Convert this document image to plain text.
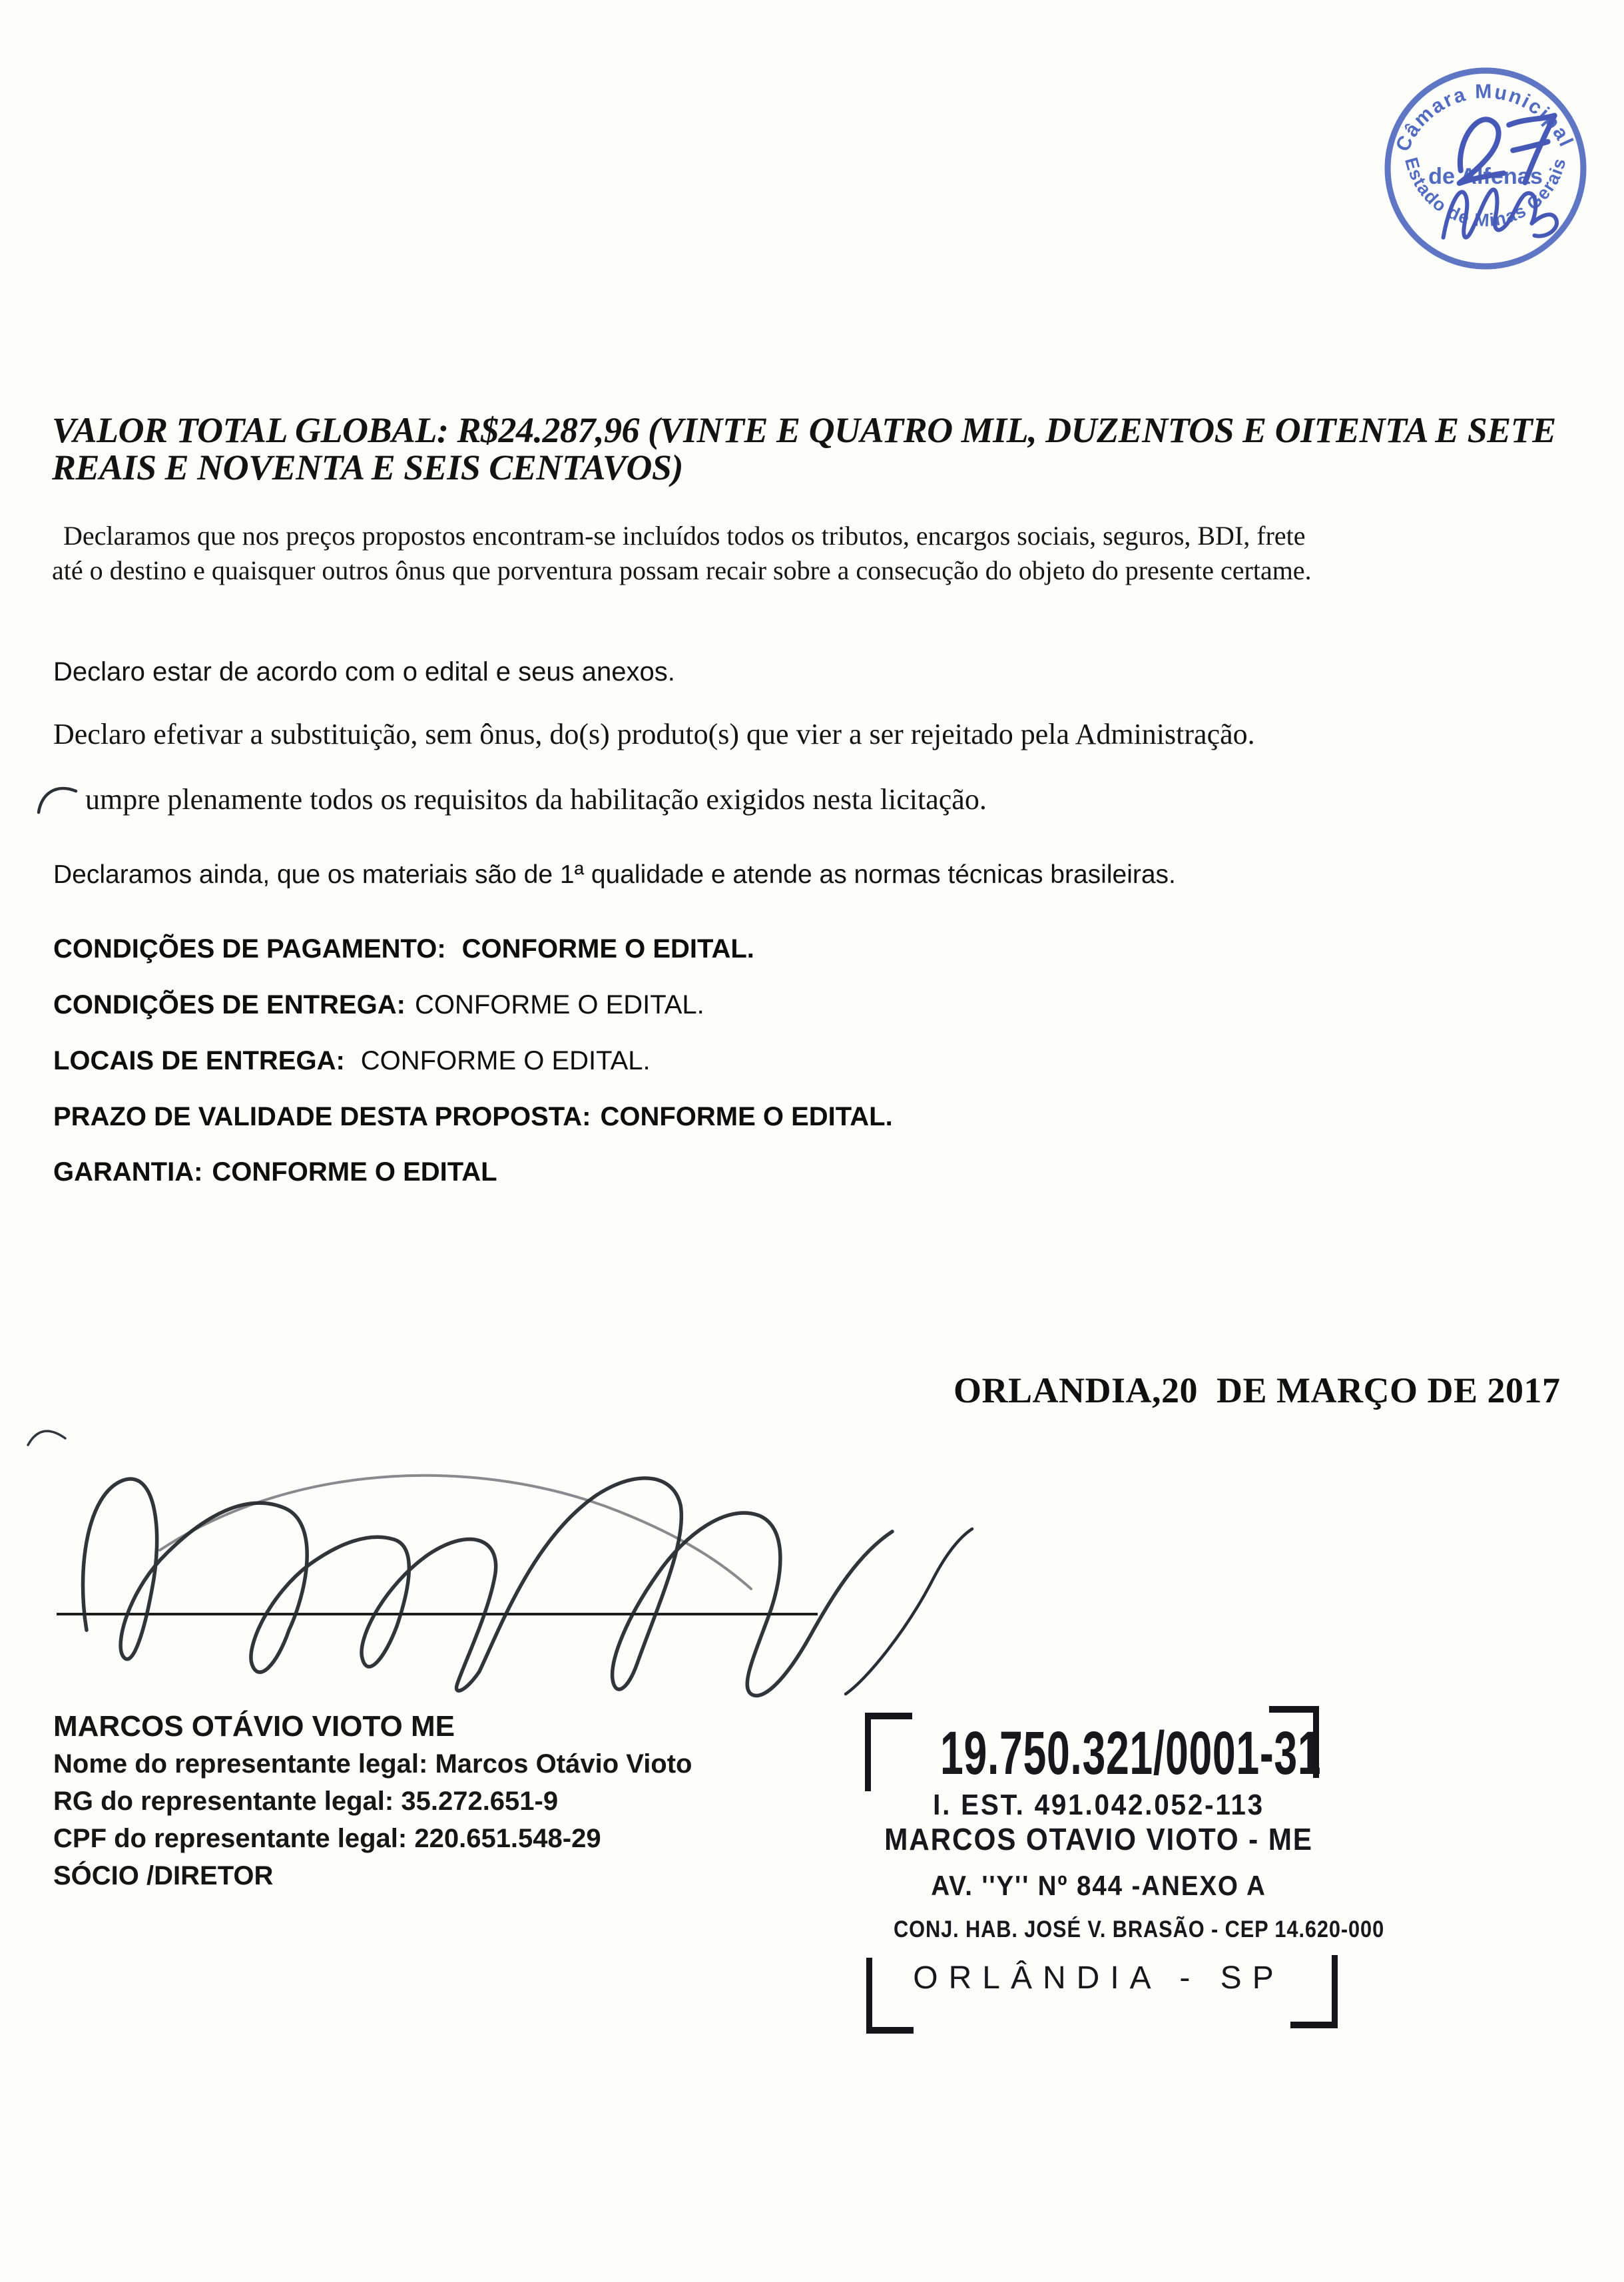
Câmara Municipal
Estado de Minas Gerais
de Alfenas
VALOR TOTAL GLOBAL: R$24.287,96 (VINTE E QUATRO MIL, DUZENTOS E OITENTA E SETE
REAIS E NOVENTA E SEIS CENTAVOS)
Declaramos que nos preços propostos encontram-se incluídos todos os tributos, encargos sociais, seguros, BDI, frete
até o destino e quaisquer outros ônus que porventura possam recair sobre a consecução do objeto do presente certame.
Declaro estar de acordo com o edital e seus anexos.
Declaro efetivar a substituição, sem ônus, do(s) produto(s) que vier a ser rejeitado pela Administração.
umpre plenamente todos os requisitos da habilitação exigidos nesta licitação.
Declaramos ainda, que os materiais são de 1ª qualidade e atende as normas técnicas brasileiras.
CONDIÇÕES DE PAGAMENTO: CONFORME O EDITAL.
CONDIÇÕES DE ENTREGA: CONFORME O EDITAL.
LOCAIS DE ENTREGA: CONFORME O EDITAL.
PRAZO DE VALIDADE DESTA PROPOSTA: CONFORME O EDITAL.
GARANTIA: CONFORME O EDITAL
ORLANDIA,20  DE MARÇO DE 2017
MARCOS OTÁVIO VIOTO ME
Nome do representante legal: Marcos Otávio Vioto
RG do representante legal: 35.272.651-9
CPF do representante legal: 220.651.548-29
SÓCIO /DIRETOR
19.750.321/0001-31
I. EST. 491.042.052-113
MARCOS OTAVIO VIOTO - ME
AV. ''Y'' Nº 844 -ANEXO A
CONJ. HAB. JOSÉ V. BRASÃO - CEP 14.620-000
ORLÂNDIA - SP
